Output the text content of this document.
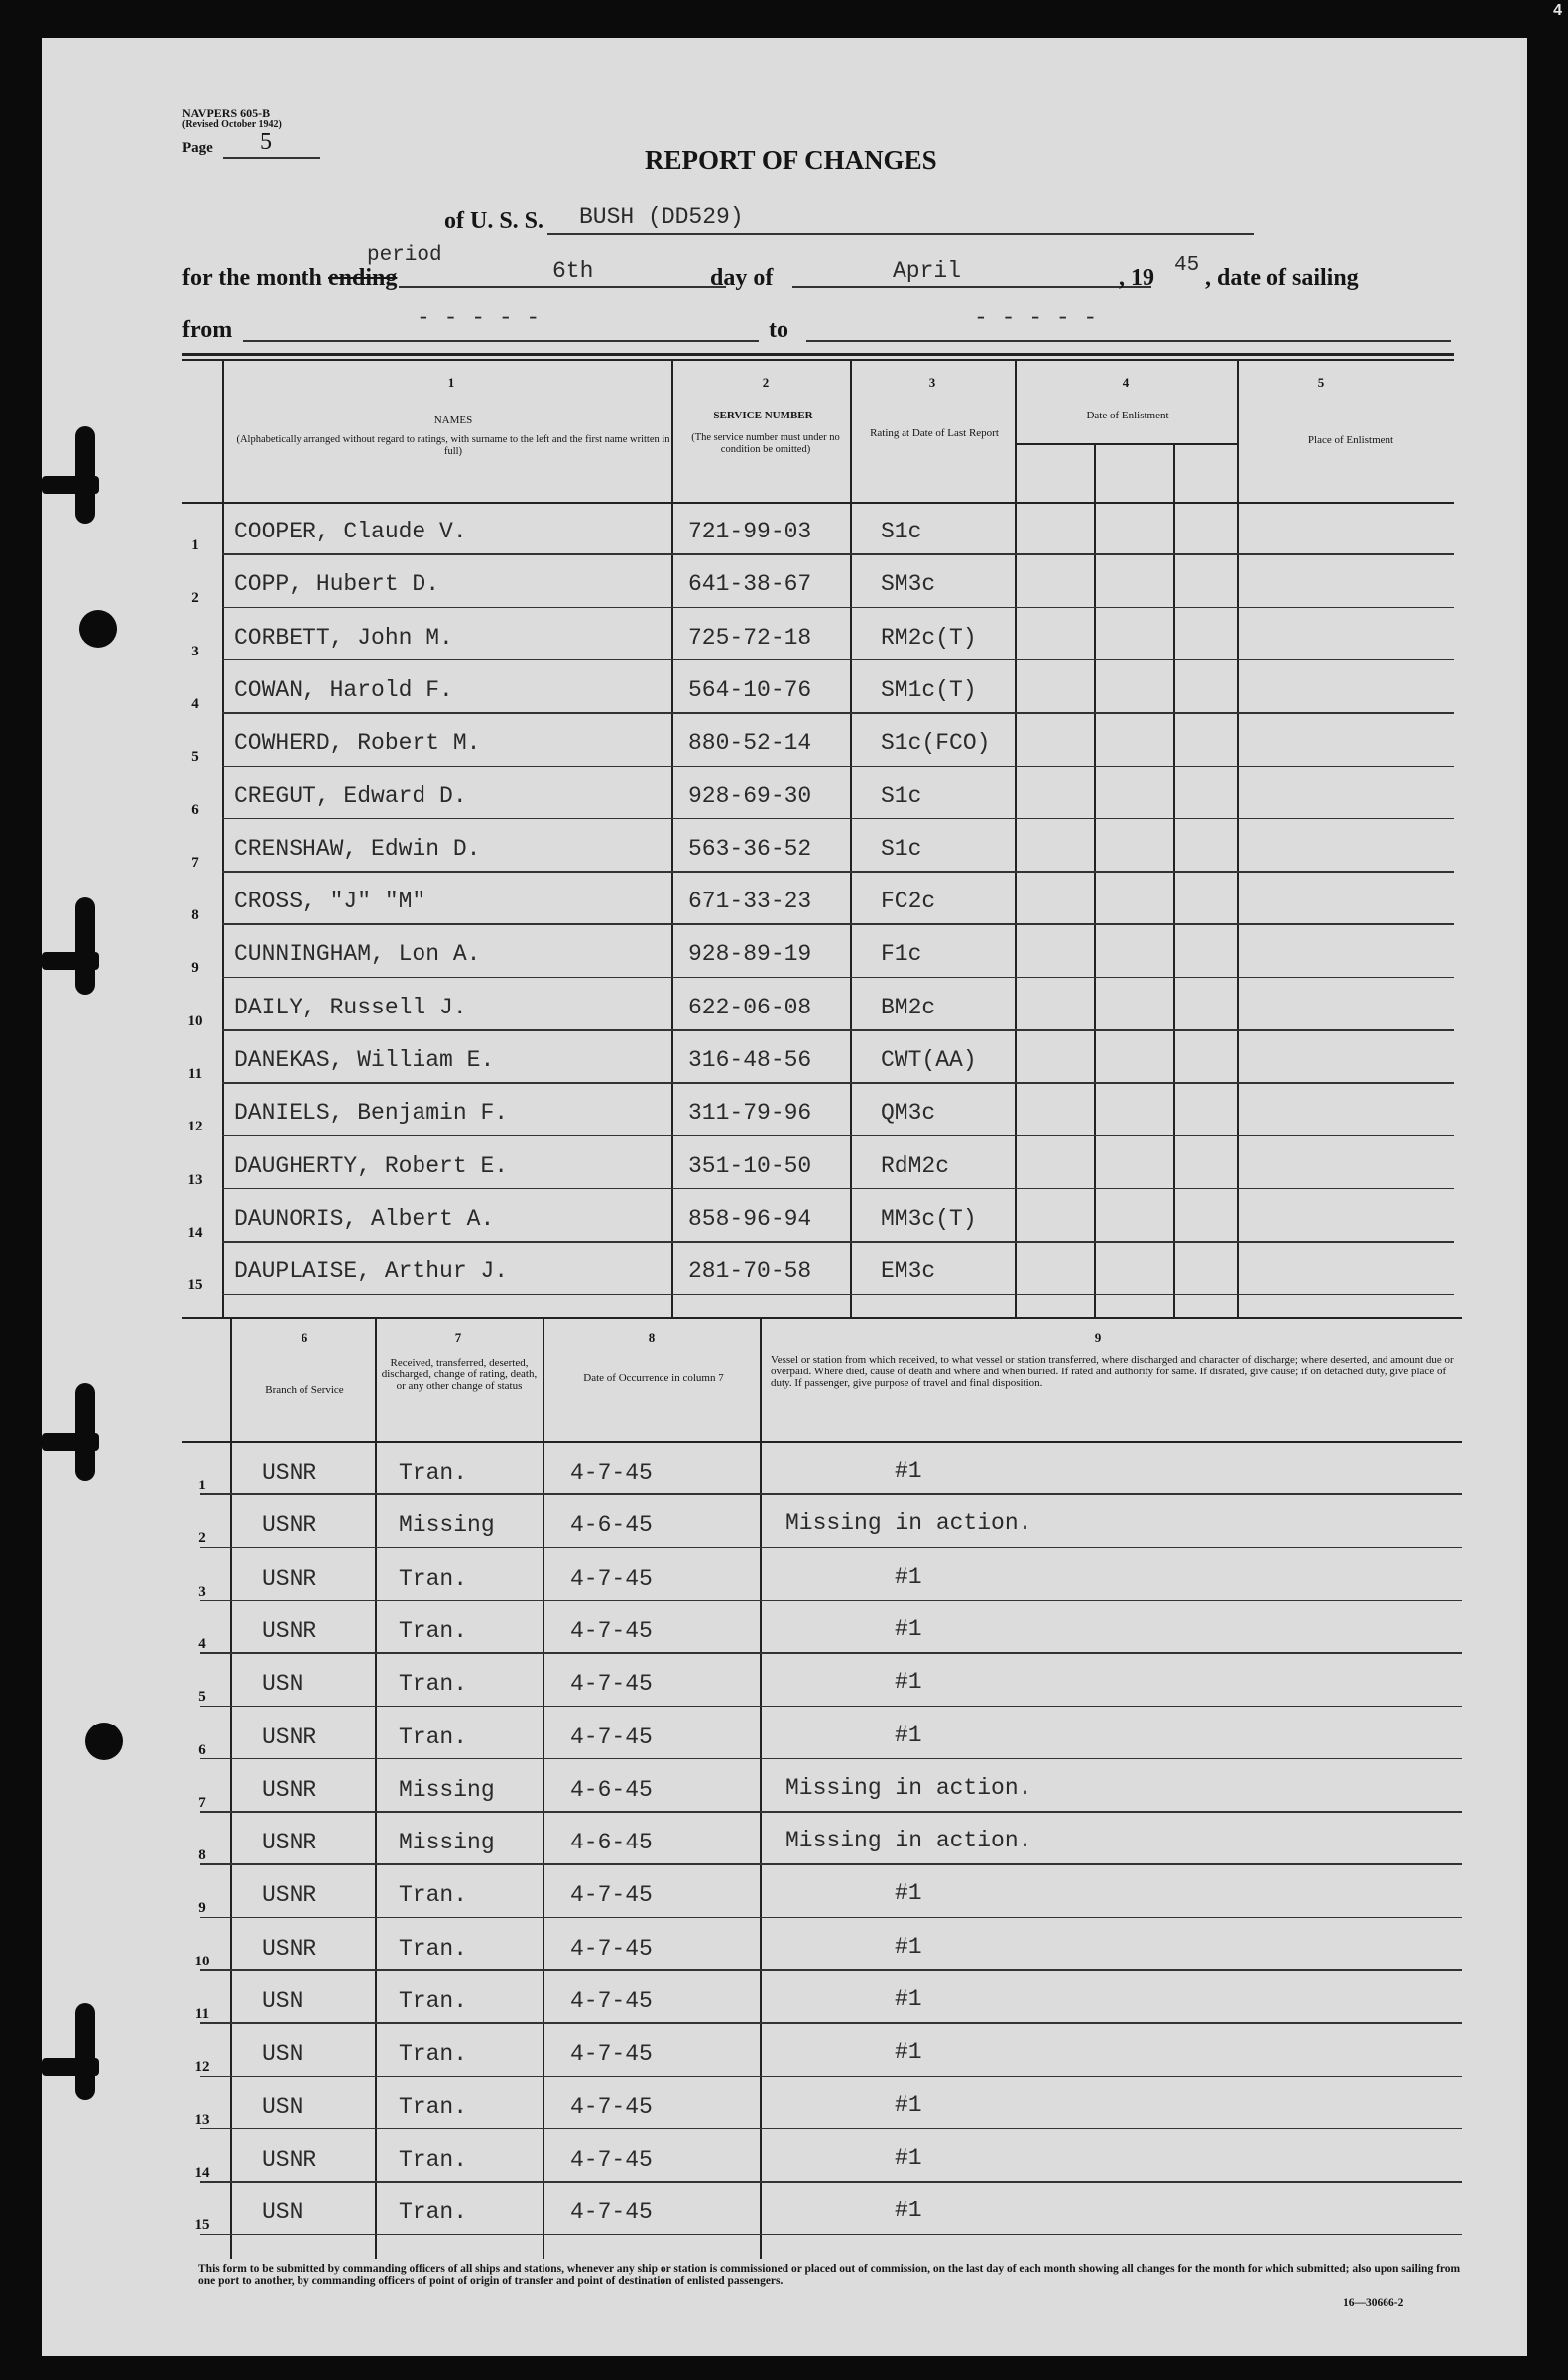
4
NAVPERS 605-B
(Revised October 1942)
Page 5
REPORT OF CHANGES
of U. S. S. BUSH (DD529)
for the month ending
period
6th	day of	April	, 19 45 , date of sailing
from	- - - - -	to	- - - - -
1
NAMES
(Alphabetically arranged without regard to ratings, with surname to the left and the first name written in full)
2
SERVICE NUMBER
(The service number must under no condition be omitted)
3
Rating at Date of Last Report
4
Date of Enlistment
5
Place of Enlistment
1
COOPER, Claude V.	721-99-03	S1c
2
COPP, Hubert D.	641-38-67	SM3c
3
CORBETT, John M.	725-72-18	RM2c(T)
4
COWAN, Harold F.	564-10-76	SM1c(T)
5
COWHERD, Robert M.	880-52-14	S1c(FCO)
6
CREGUT, Edward D.	928-69-30	S1c
7
CRENSHAW, Edwin D.	563-36-52	S1c
8
CROSS, "J" "M"	671-33-23	FC2c
9
CUNNINGHAM, Lon A.	928-89-19	F1c
10
DAILY, Russell J.	622-06-08	BM2c
11
DANEKAS, William E.	316-48-56	CWT(AA)
12
DANIELS, Benjamin F.	311-79-96	QM3c
13
DAUGHERTY, Robert E.	351-10-50	RdM2c
14
DAUNORIS, Albert A.	858-96-94	MM3c(T)
15
DAUPLAISE, Arthur J.	281-70-58	EM3c
6
Branch of Service
7
Received, transferred, deserted, discharged, change of rating, death, or any other change of status
8
Date of Occurrence in column 7
9
Vessel or station from which received, to what vessel or station transferred, where discharged and character of discharge; where deserted, and amount due or overpaid. Where died, cause of death and where and when buried. If rated and authority for same. If disrated, give cause; if on detached duty, give place of duty. If passenger, give purpose of travel and final disposition.
1	USNR	Tran.	4-7-45	#1
2	USNR	Missing	4-6-45	Missing in action.
3	USNR	Tran.	4-7-45	#1
4	USNR	Tran.	4-7-45	#1
5	USN	Tran.	4-7-45	#1
6	USNR	Tran.	4-7-45	#1
7	USNR	Missing	4-6-45	Missing in action.
8	USNR	Missing	4-6-45	Missing in action.
9	USNR	Tran.	4-7-45	#1
10	USNR	Tran.	4-7-45	#1
11	USN	Tran.	4-7-45	#1
12	USN	Tran.	4-7-45	#1
13	USN	Tran.	4-7-45	#1
14	USNR	Tran.	4-7-45	#1
15	USN	Tran.	4-7-45	#1
This form to be submitted by commanding officers of all ships and stations, whenever any ship or station is commissioned or placed out of commission, on the last day of each month showing all changes for the month for which submitted; also upon sailing from one port to another, by commanding officers of point of origin of transfer and point of destination of enlisted passengers.
16—30666-2
